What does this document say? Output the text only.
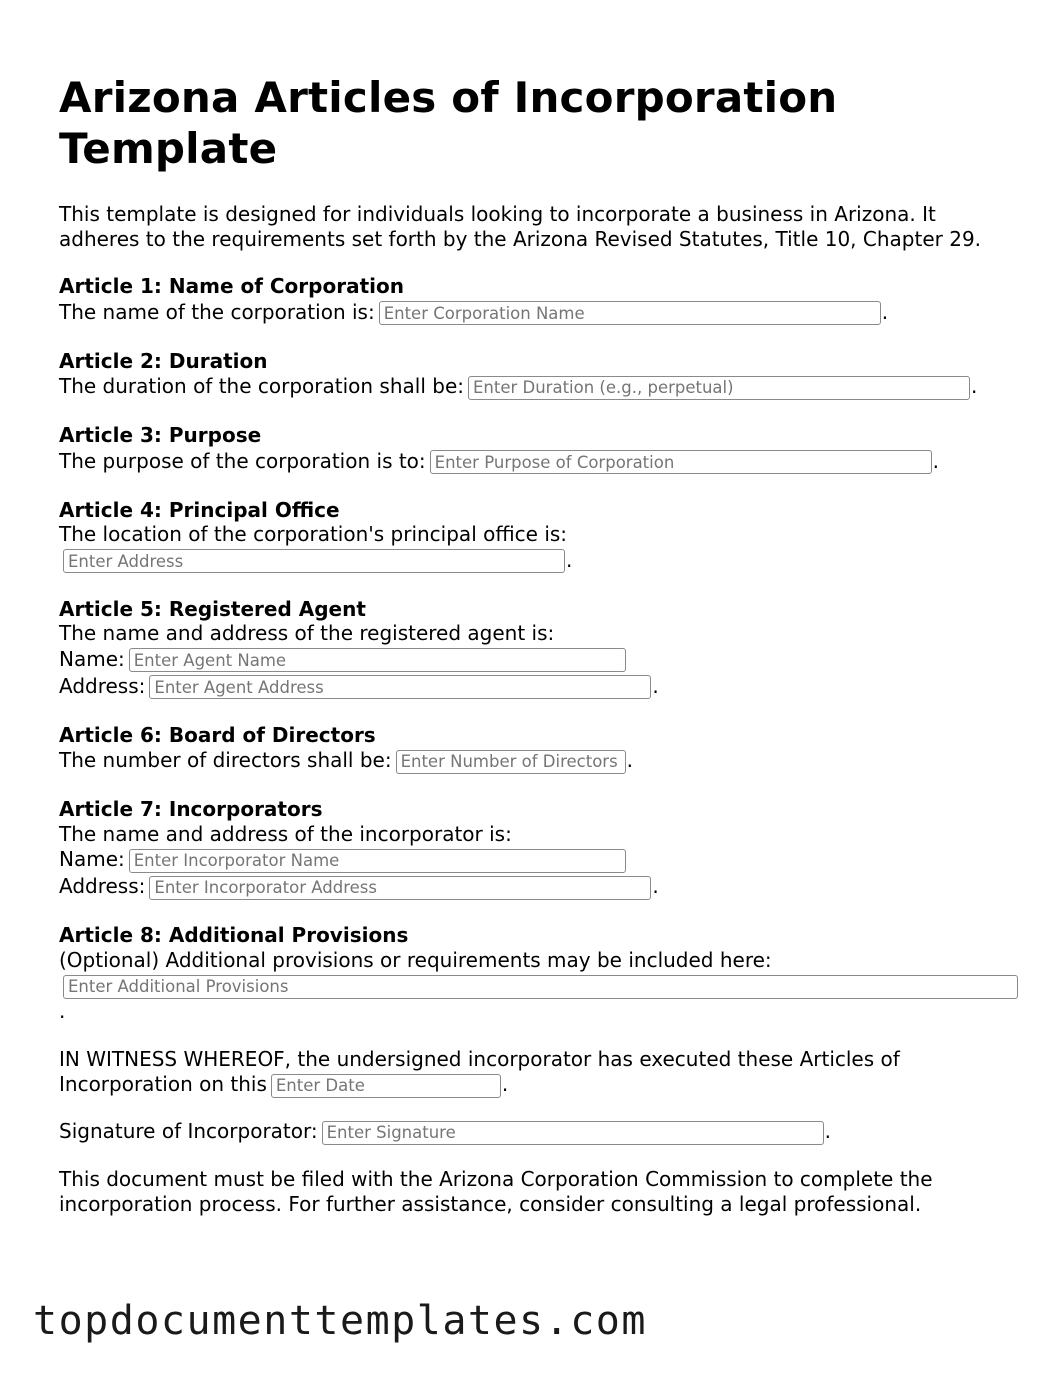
Arizona Articles of Incorporation Template

This template is designed for individuals looking to incorporate a business in Arizona. It adheres to the requirements set forth by the Arizona Revised Statutes, Title 10, Chapter 29.

Article 1: Name of Corporation
The name of the corporation is:Enter Corporation Name	.
Article 2: Duration
The duration of the corporation shall be:Enter Duration (e.g., perpetual)	.
Article 3: Purpose
The purpose of the corporation is to:Enter Purpose of Corporation	.
Article 4: Principal Office
The location of the corporation's principal office is:
Enter Address.
Article 5: Registered Agent
The name and address of the registered agent is:
Name:Enter Agent Name
Address:Enter Agent Address	.
Article 6: Board of Directors
The number of directors shall be:Enter Number of Directors	.
Article 7: Incorporators
The name and address of the incorporator is:
Name:Enter Incorporator Name
Address:Enter Incorporator Address	.
Article 8: Additional Provisions
(Optional) Additional provisions or requirements may be included here:
Enter Additional Provisions
.
IN WITNESS WHEREOF, the undersigned incorporator has executed these Articles of
Incorporation on thisEnter Date	.
Signature of Incorporator:Enter Signature	.

This document must be filed with the Arizona Corporation Commission to complete the incorporation process. For further assistance, consider consulting a legal professional.

topdocumenttemplates.com
